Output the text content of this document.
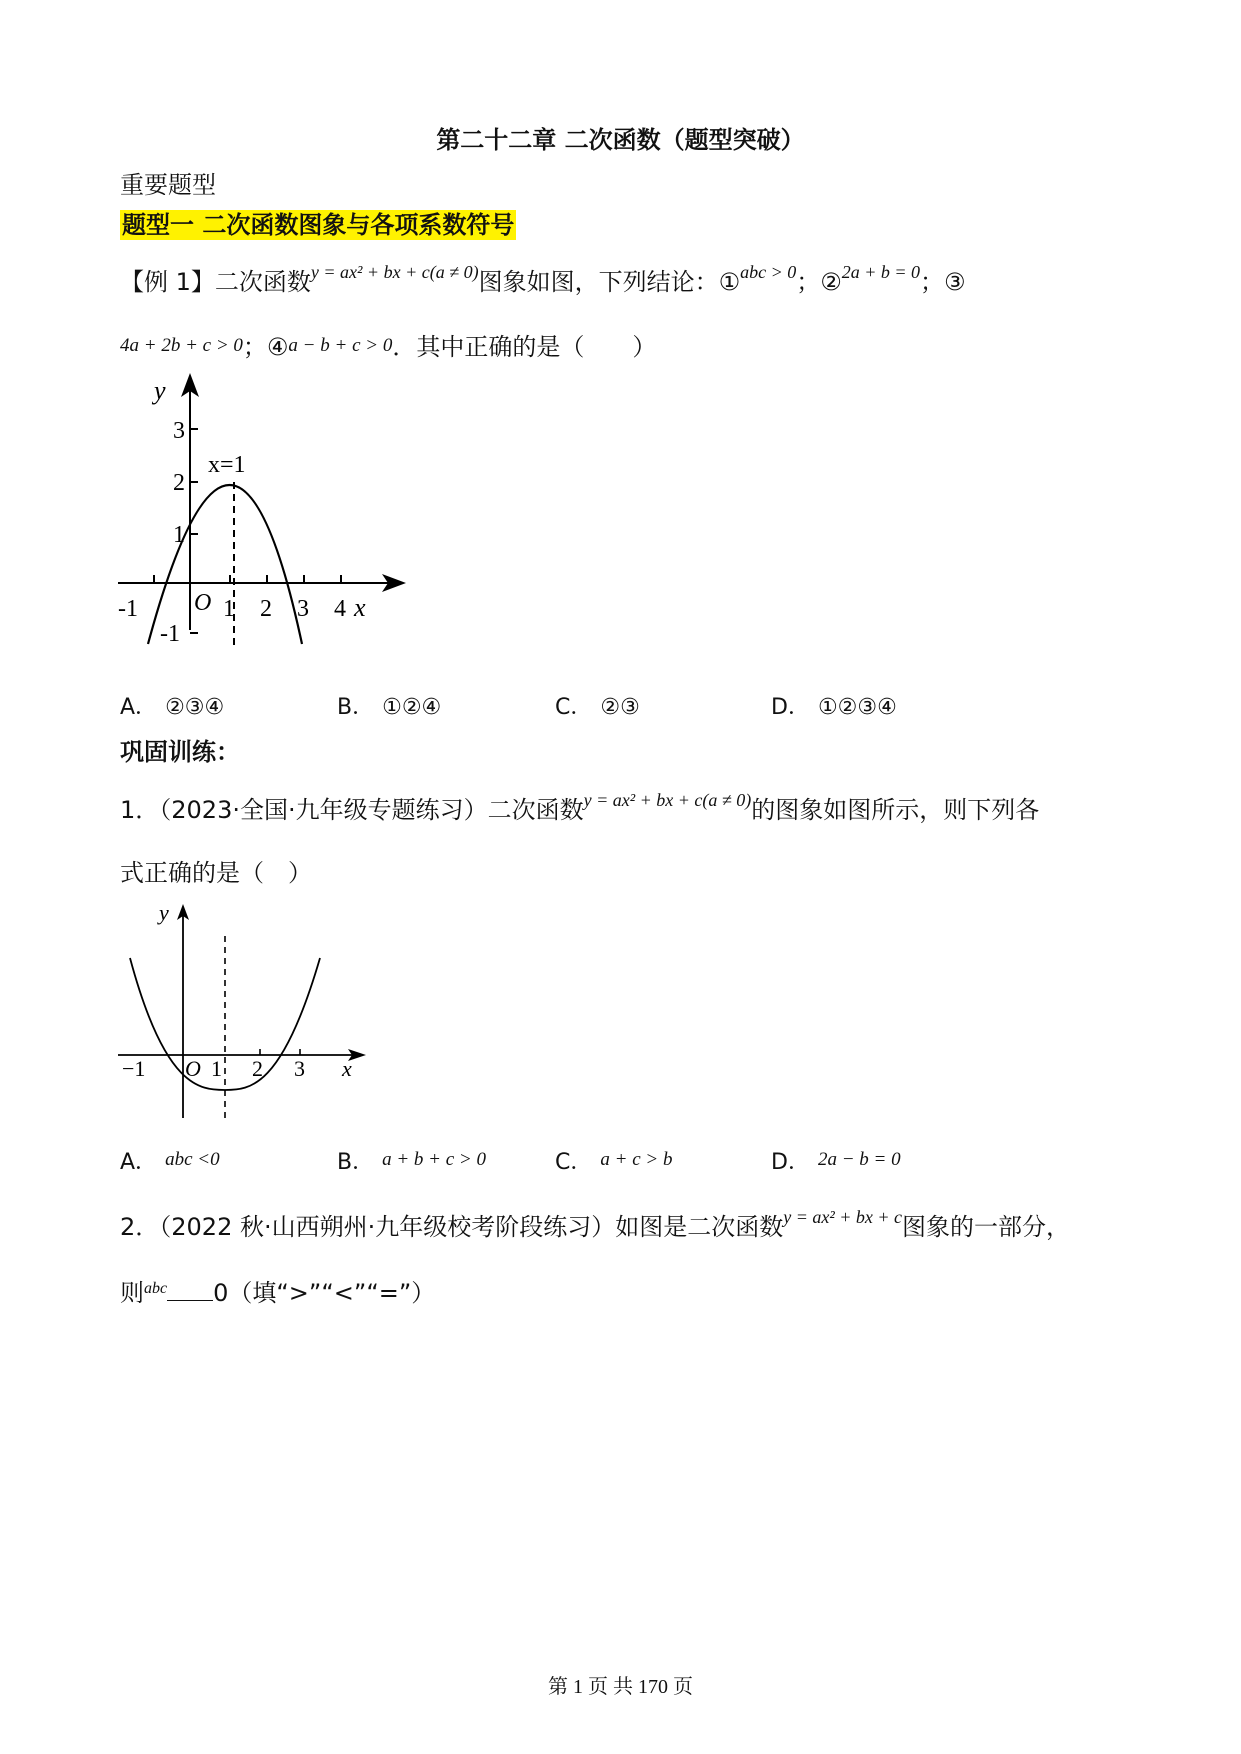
第二十二章 二次函数（题型突破）
重要题型
题型一 二次函数图象与各项系数符号
【例 1】二次函数$^{y = ax^2 + bx + c(a \ne 0)}$图象如图，下列结论：①$^{abc > 0}$；②$^{2a + b = 0}$；③
4a + 2b + c > 0；④a − b + c > 0．其中正确的是（　　）
y
x
O
x=1
-1	1 2 3 4
3
2
1
-1
A． ②③④	B． ①②④	C． ②③	D． ①②③④
巩固训练：
1．（2023·全国·九年级专题练习）二次函数$^{y = ax^2 + bx + c(a \ne 0)}$的图象如图所示，则下列各
式正确的是（　）
y
x
O
−1	1 2 3
A． abc <0	B． a + b + c > 0	C． a + c > b	D． 2a − b = 0
2．（2022 秋·山西朔州·九年级校考阶段练习）如图是二次函数$^{y = ax^2 + bx + c}$图象的一部分，
则$^{abc}$ 0（填“>”“<”“=”）
第 1 页 共 170 页
